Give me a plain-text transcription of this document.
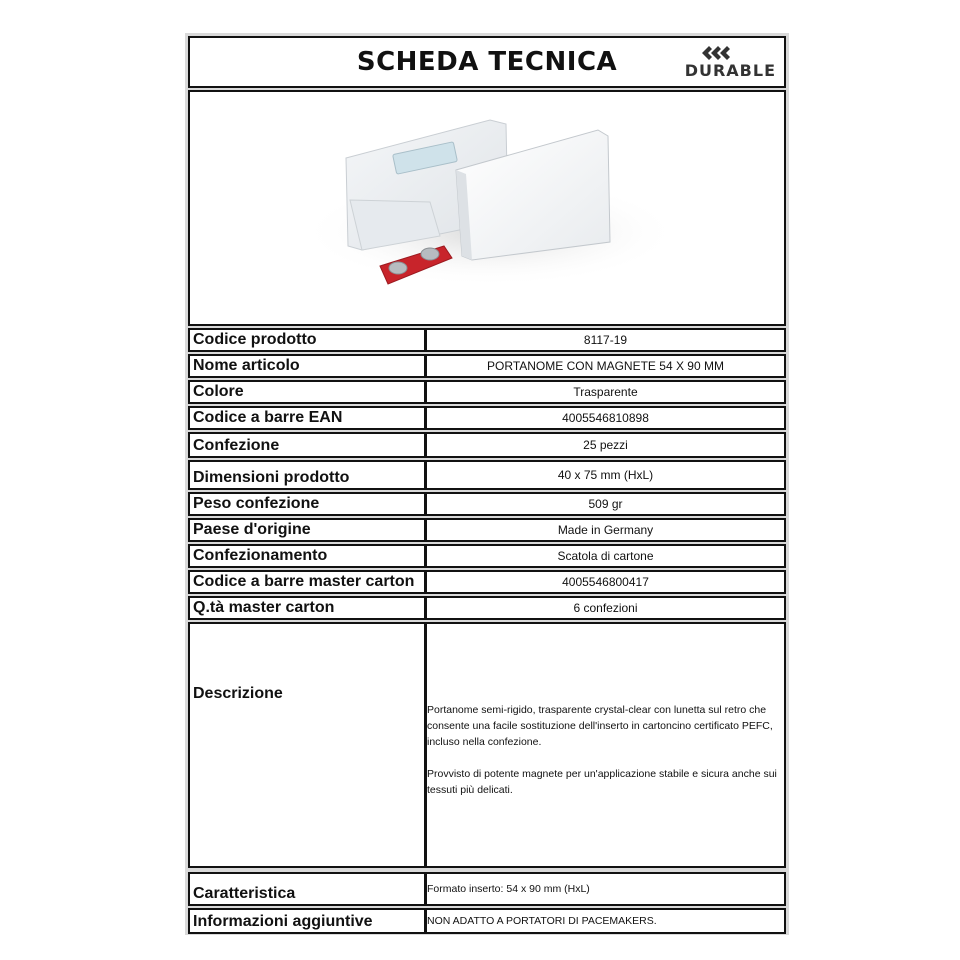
SCHEDA TECNICA	DURABLE
Codice prodotto	8117-19
Nome articolo	PORTANOME CON MAGNETE 54 X 90 MM
Colore	Trasparente
Codice a barre EAN	4005546810898
Confezione	25 pezzi
Dimensioni prodotto	40 x 75 mm (HxL)
Peso confezione	509 gr
Paese d'origine	Made in Germany
Confezionamento	Scatola di cartone
Codice a barre master carton	4005546800417
Q.tà master carton	6 confezioni
Descrizione

Portanome semi-rigido, trasparente crystal-clear con lunetta sul retro che consente una facile sostituzione dell'inserto in cartoncino certificato PEFC, incluso nella confezione.

Provvisto di potente magnete per un'applicazione stabile e sicura anche sui tessuti più delicati.

Caratteristica	Formato inserto: 54 x 90 mm (HxL)
Informazioni aggiuntive	NON ADATTO A PORTATORI DI PACEMAKERS.
